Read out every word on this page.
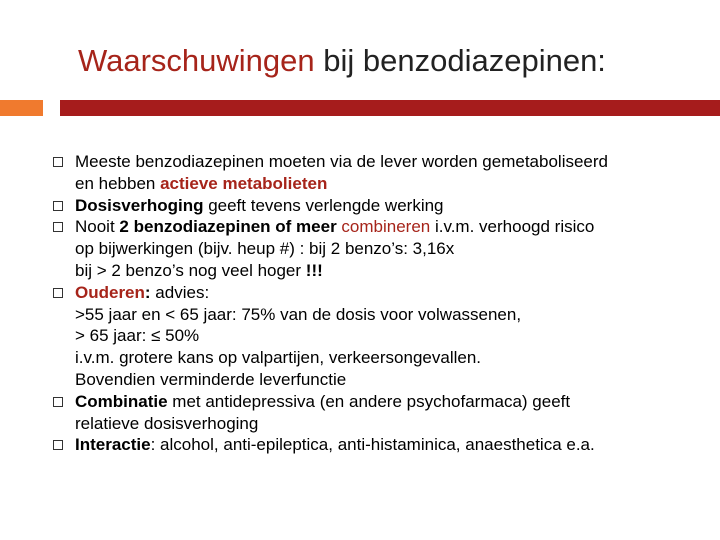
Waarschuwingen bij benzodiazepinen:
Meeste benzodiazepinen moeten via de lever worden gemetaboliseerd
en hebben actieve metabolieten
Dosisverhoging geeft tevens verlengde werking
Nooit 2 benzodiazepinen of meer combineren i.v.m. verhoogd risico
op bijwerkingen (bijv. heup #) : bij 2 benzo’s: 3,16x
bij > 2 benzo’s nog veel hoger !!!
Ouderen: advies:
>55 jaar en < 65 jaar: 75% van de dosis voor volwassenen,
> 65 jaar: ≤ 50%
i.v.m. grotere kans op valpartijen, verkeersongevallen.
Bovendien verminderde leverfunctie
Combinatie met antidepressiva (en andere psychofarmaca) geeft
relatieve dosisverhoging
Interactie: alcohol, anti-epileptica, anti-histaminica, anaesthetica e.a.
